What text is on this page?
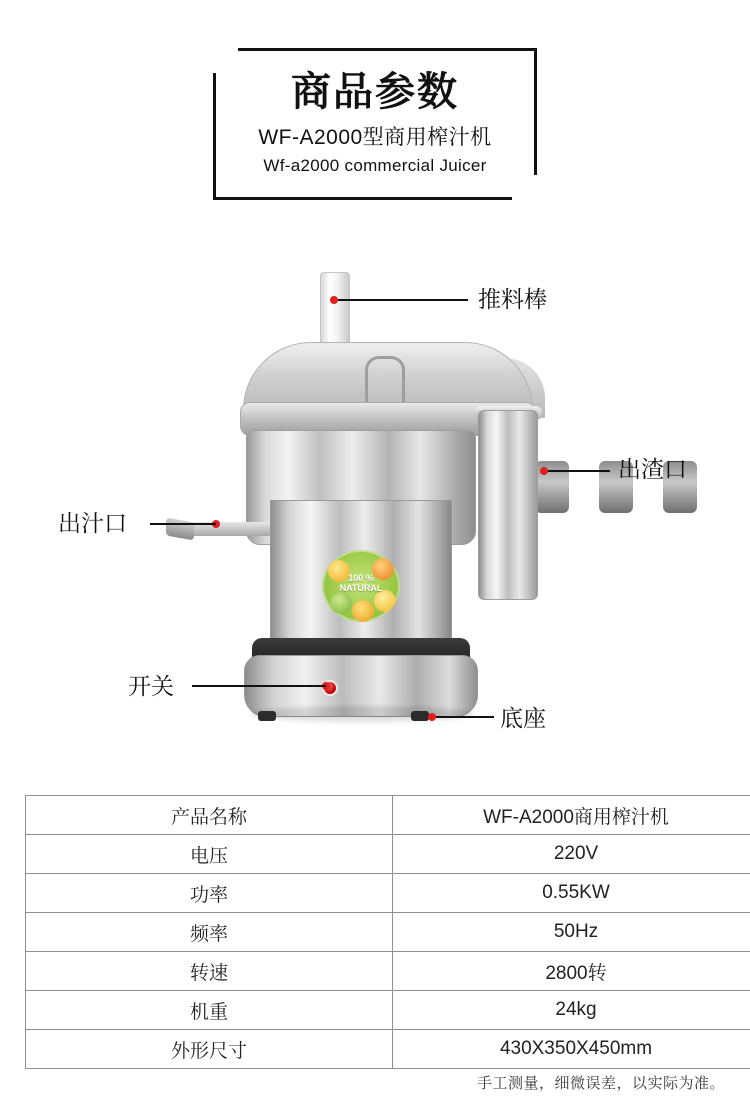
商品参数
WF-A2000型商用榨汁机
Wf-a2000 commercial Juicer
100 %
NATURAL
推料棒
出渣口
出汁口
开关
底座
产品名称	WF-A2000商用榨汁机
电压	220V
功率	0.55KW
频率	50Hz
转速	2800转
机重	24kg
外形尺寸	430X350X450mm
手工测量，细微误差，以实际为准。
